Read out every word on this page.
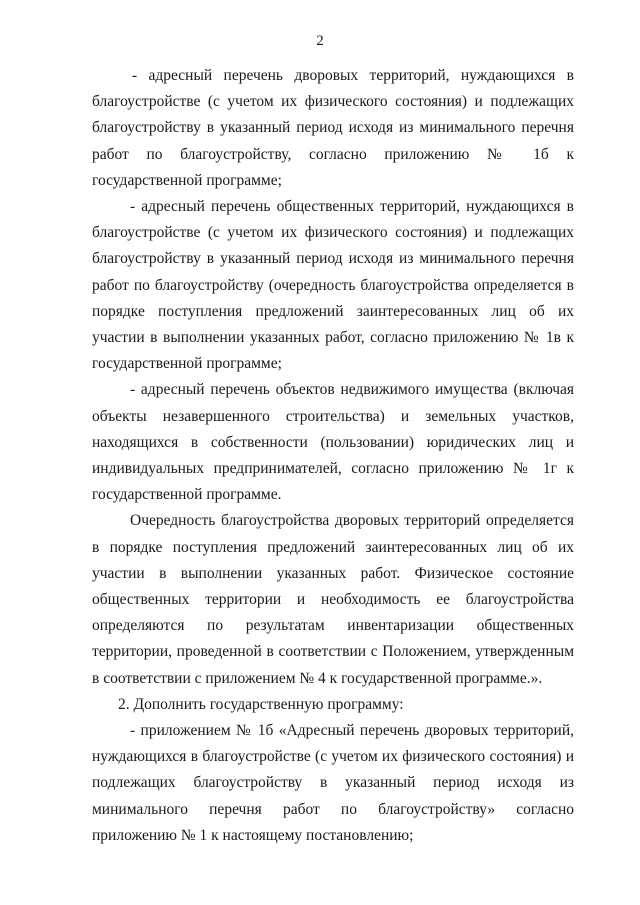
2

- адресный перечень дворовых территорий, нуждающихся в благоустройстве (с учетом их физического состояния) и подлежащих благоустройству в указанный период исходя из минимального перечня работ по благоустройству, согласно приложению № 1б к государственной программе;

- адресный перечень общественных территорий, нуждающихся в благоустройстве (с учетом их физического состояния) и подлежащих благоустройству в указанный период исходя из минимального перечня работ по благоустройству (очередность благоустройства определяется в порядке поступления предложений заинтересованных лиц об их участии в выполнении указанных работ, согласно приложению № 1в к государственной программе;

- адресный перечень объектов недвижимого имущества (включая объекты незавершенного строительства) и земельных участков, находящихся в собственности (пользовании) юридических лиц и индивидуальных предпринимателей, согласно приложению № 1г к государственной программе.

Очередность благоустройства дворовых территорий определяется в порядке поступления предложений заинтересованных лиц об их участии в выполнении указанных работ. Физическое состояние общественных территории и необходимость ее благоустройства определяются по результатам инвентаризации общественных территории, проведенной в соответствии с Положением, утвержденным в соответствии с приложением № 4 к государственной программе.».

2. Дополнить государственную программу:

- приложением № 1б «Адресный перечень дворовых территорий, нуждающихся в благоустройстве (с учетом их физического состояния) и подлежащих благоустройству в указанный период исходя из минимального перечня работ по благоустройству» согласно приложению № 1 к настоящему постановлению;
